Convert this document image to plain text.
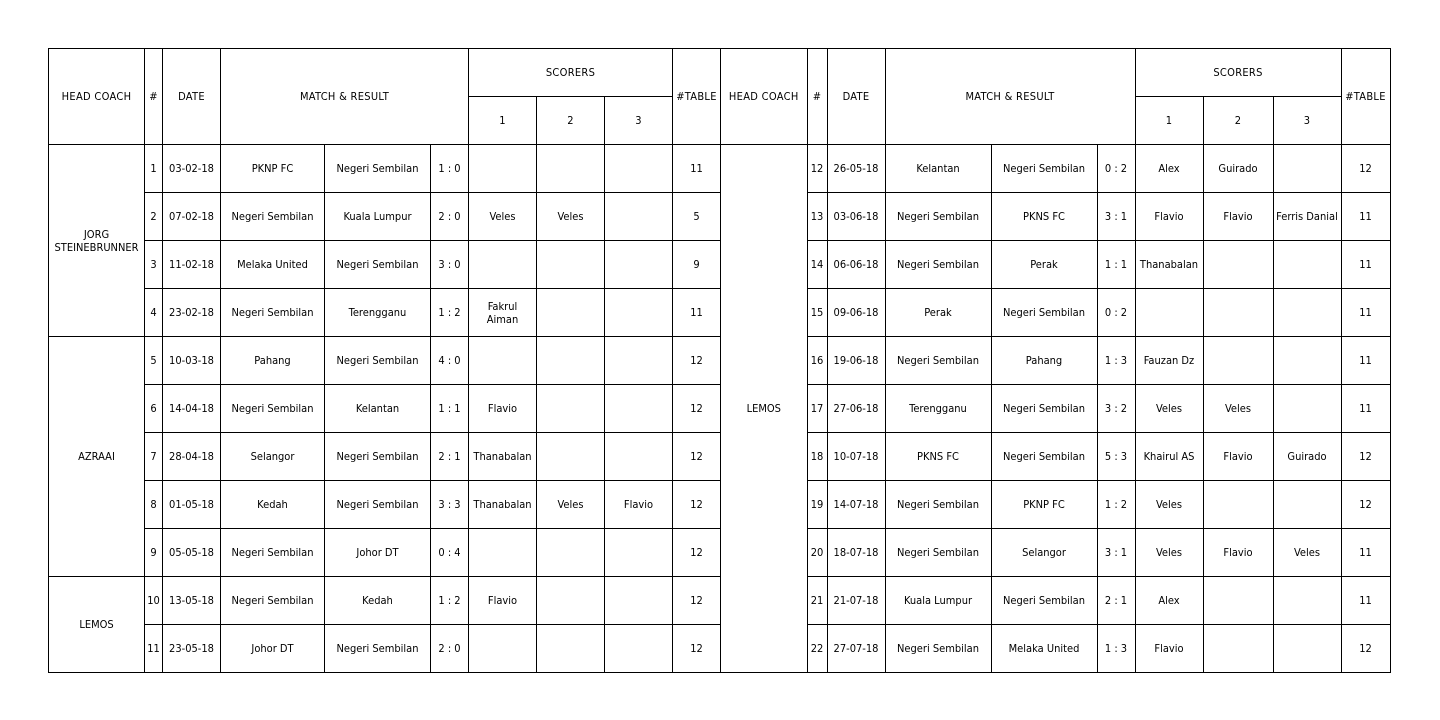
HEAD COACH	#	DATE	MATCH & RESULT			SCORERS			#TABLE
						1	2	3	
JORG STEINEBRUNNER	1	03-02-18	PKNP FC	Negeri Sembilan	1 : 0				11
	2	07-02-18	Negeri Sembilan	Kuala Lumpur	2 : 0	Veles	Veles		5
	3	11-02-18	Melaka United	Negeri Sembilan	3 : 0				9
	4	23-02-18	Negeri Sembilan	Terengganu	1 : 2	Fakrul Aiman			11
AZRAAI	5	10-03-18	Pahang	Negeri Sembilan	4 : 0				12
	6	14-04-18	Negeri Sembilan	Kelantan	1 : 1	Flavio			12
	7	28-04-18	Selangor	Negeri Sembilan	2 : 1	Thanabalan			12
	8	01-05-18	Kedah	Negeri Sembilan	3 : 3	Thanabalan	Veles	Flavio	12
	9	05-05-18	Negeri Sembilan	Johor DT	0 : 4				12
LEMOS	10	13-05-18	Negeri Sembilan	Kedah	1 : 2	Flavio			12
	11	23-05-18	Johor DT	Negeri Sembilan	2 : 0				12
HEAD COACH	#	DATE	MATCH & RESULT			SCORERS			#TABLE
						1	2	3	
LEMOS	12	26-05-18	Kelantan	Negeri Sembilan	0 : 2	Alex	Guirado		12
	13	03-06-18	Negeri Sembilan	PKNS FC	3 : 1	Flavio	Flavio	Ferris Danial	11
	14	06-06-18	Negeri Sembilan	Perak	1 : 1	Thanabalan			11
	15	09-06-18	Perak	Negeri Sembilan	0 : 2				11
	16	19-06-18	Negeri Sembilan	Pahang	1 : 3	Fauzan Dz			11
	17	27-06-18	Terengganu	Negeri Sembilan	3 : 2	Veles	Veles		11
	18	10-07-18	PKNS FC	Negeri Sembilan	5 : 3	Khairul AS	Flavio	Guirado	12
	19	14-07-18	Negeri Sembilan	PKNP FC	1 : 2	Veles			12
	20	18-07-18	Negeri Sembilan	Selangor	3 : 1	Veles	Flavio	Veles	11
	21	21-07-18	Kuala Lumpur	Negeri Sembilan	2 : 1	Alex			11
	22	27-07-18	Negeri Sembilan	Melaka United	1 : 3	Flavio			12
